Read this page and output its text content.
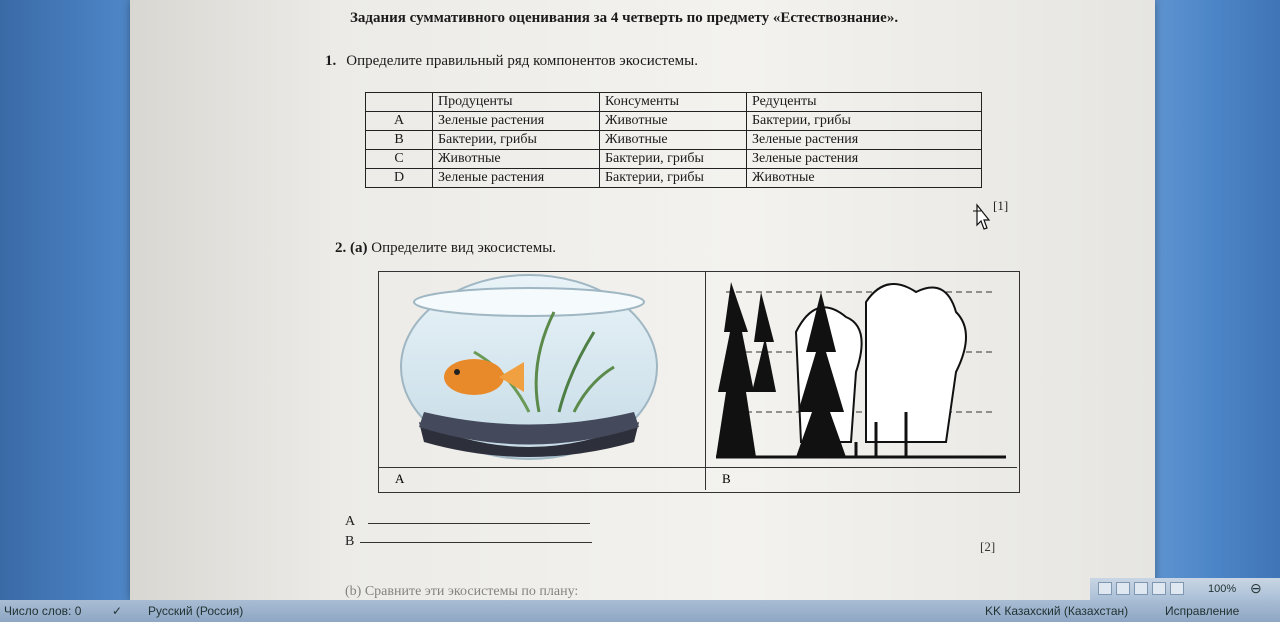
Задания суммативного оценивания за 4 четверть по предмету «Естествознание».
1. Определите правильный ряд компонентов экосистемы.
	Продуценты	Консументы	Редуценты
A	Зеленые растения	Животные	Бактерии, грибы
B	Бактерии, грибы	Животные	Зеленые растения
C	Животные	Бактерии, грибы	Зеленые растения
D	Зеленые растения	Бактерии, грибы	Животные
[1]
2. (a) Определите вид экосистемы.
A	B
A
B	[2]
(b) Сравните эти экосистемы по плану:	100% ⊖
Число слов: 0	✓ Русский (Россия)	KK Казахский (Казахстан)	Исправление
